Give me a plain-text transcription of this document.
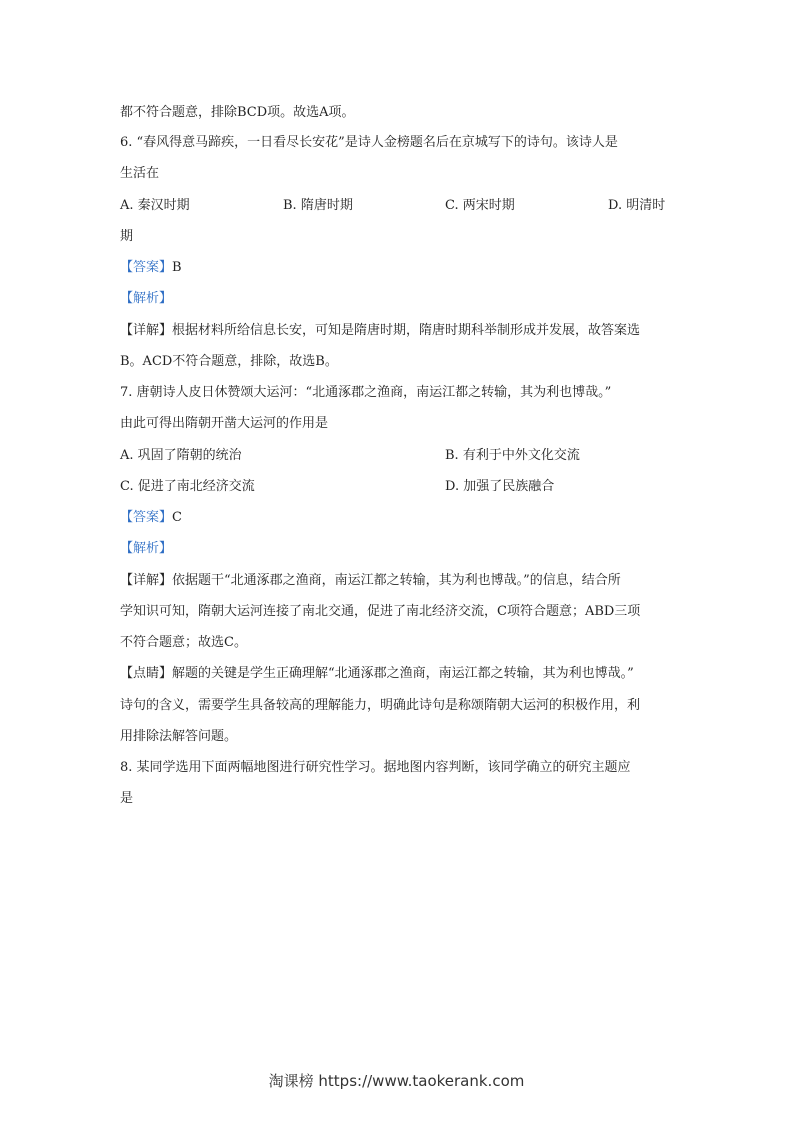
都不符合题意，排除BCD项。故选A项。
6. “春风得意马蹄疾，一日看尽长安花”是诗人金榜题名后在京城写下的诗句。该诗人是
生活在
A. 秦汉时期	B. 隋唐时期	C. 两宋时期	D. 明清时
期
【答案】B
【解析】
【详解】根据材料所给信息长安，可知是隋唐时期，隋唐时期科举制形成并发展，故答案选
B。ACD不符合题意，排除，故选B。
7. 唐朝诗人皮日休赞颂大运河：“北通涿郡之渔商，南运江都之转输，其为利也博哉。”
由此可得出隋朝开凿大运河的作用是
A. 巩固了隋朝的统治	B. 有利于中外文化交流
C. 促进了南北经济交流	D. 加强了民族融合
【答案】C
【解析】
【详解】依据题干“北通涿郡之渔商，南运江都之转输，其为利也博哉。”的信息，结合所
学知识可知，隋朝大运河连接了南北交通，促进了南北经济交流，C项符合题意；ABD三项
不符合题意；故选C。
【点睛】解题的关键是学生正确理解“北通涿郡之渔商，南运江都之转输，其为利也博哉。”
诗句的含义，需要学生具备较高的理解能力，明确此诗句是称颂隋朝大运河的积极作用，利
用排除法解答问题。
8. 某同学选用下面两幅地图进行研究性学习。据地图内容判断，该同学确立的研究主题应
是
淘课榜 https://www.taokerank.com
